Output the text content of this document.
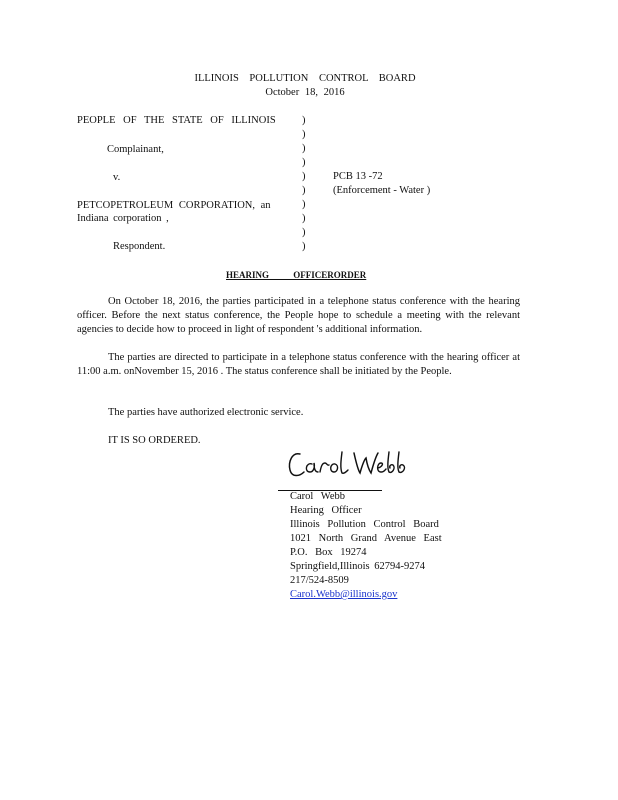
ILLINOIS POLLUTION CONTROL BOARD
October 18, 2016
PEOPLE OF THE STATE OF ILLINOIS
Complainant,
v.
PETCOPETROLEUM CORPORATION, an
Indiana corporation ,
Respondent.
)
)
)
)
)
)
)
)
)
)
PCB 13 -72
(Enforcement - Water )
HEARING OFFICERORDER
On October 18, 2016, the parties participated in a telephone status conference with the hearing officer. Before the next status conference, the People hope to schedule a meeting with the relevant agencies to decide how to proceed in light of respondent 's additional information.
The parties are directed to participate in a telephone status conference with the hearing officer at 11:00 a.m. onNovember 15, 2016 . The status conference shall be initiated by the People.
The parties have authorized electronic service.
IT IS SO ORDERED.
Carol Webb
Hearing Officer
Illinois Pollution Control Board
1021 North Grand Avenue East
P.O. Box 19274
Springfield,Illinois 62794-9274
217/524-8509
Carol.Webb@illinois.gov
